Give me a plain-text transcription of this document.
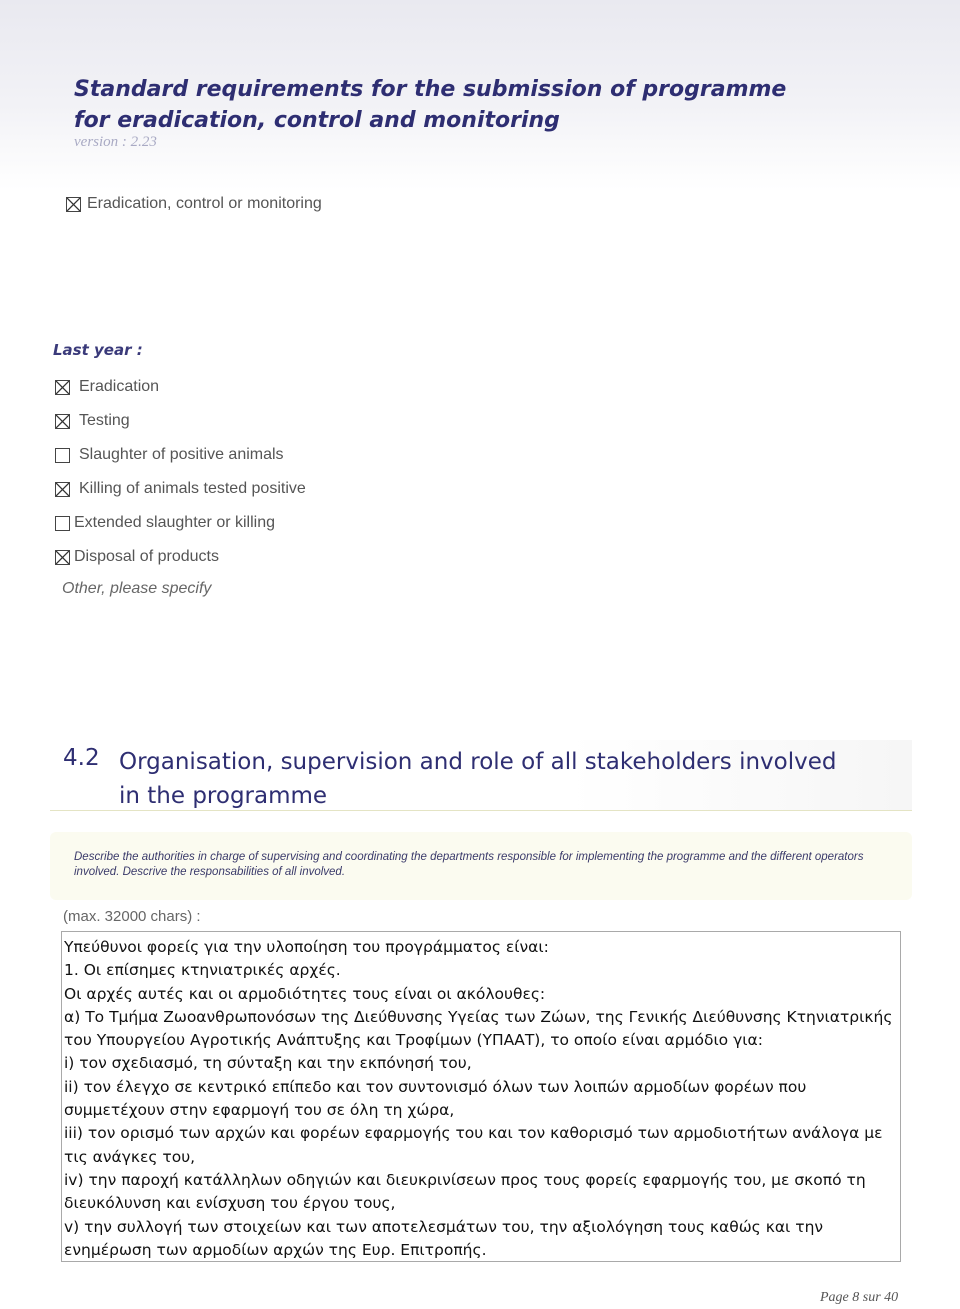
Standard requirements for the submission of programme
for eradication, control and monitoring
version : 2.23
Eradication, control or monitoring
Last year :
Eradication
Testing
Slaughter of positive animals
Killing of animals tested positive
Extended slaughter or killing
Disposal of products
Other, please specify
4.2 Organisation, supervision and role of all stakeholders involved in the programme
Describe the authorities in charge of supervising and coordinating the departments responsible for implementing the programme and the different operators involved. Descrive the responsabilities of all involved.
(max. 32000 chars) :
Υπεύθυνοι φορείς για την υλοποίηση του προγράμματος είναι:
1. Οι επίσημες κτηνιατρικές αρχές.
Οι αρχές αυτές και οι αρμοδιότητες τους είναι οι ακόλουθες:
α) Το Τμήμα Ζωοανθρωπονόσων της Διεύθυνσης Υγείας των Ζώων, της Γενικής Διεύθυνσης Κτηνιατρικής
του Υπουργείου Αγροτικής Ανάπτυξης και Τροφίμων (ΥΠΑΑΤ), το οποίο είναι αρμόδιο για:
i) τον σχεδιασμό, τη σύνταξη και την εκπόνησή του,
ii) τον έλεγχο σε κεντρικό επίπεδο και τον συντονισμό όλων των λοιπών αρμοδίων φορέων που
συμμετέχουν στην εφαρμογή του σε όλη τη χώρα,
iii) τον ορισμό των αρχών και φορέων εφαρμογής του και τον καθορισμό των αρμοδιοτήτων ανάλογα με
τις ανάγκες του,
iv) την παροχή κατάλληλων οδηγιών και διευκρινίσεων προς τους φορείς εφαρμογής του, με σκοπό τη
διευκόλυνση και ενίσχυση του έργου τους,
v) την συλλογή των στοιχείων και των αποτελεσμάτων του, την αξιολόγηση τους καθώς και την
ενημέρωση των αρμοδίων αρχών της Ευρ. Επιτροπής.
Page 8 sur 40
